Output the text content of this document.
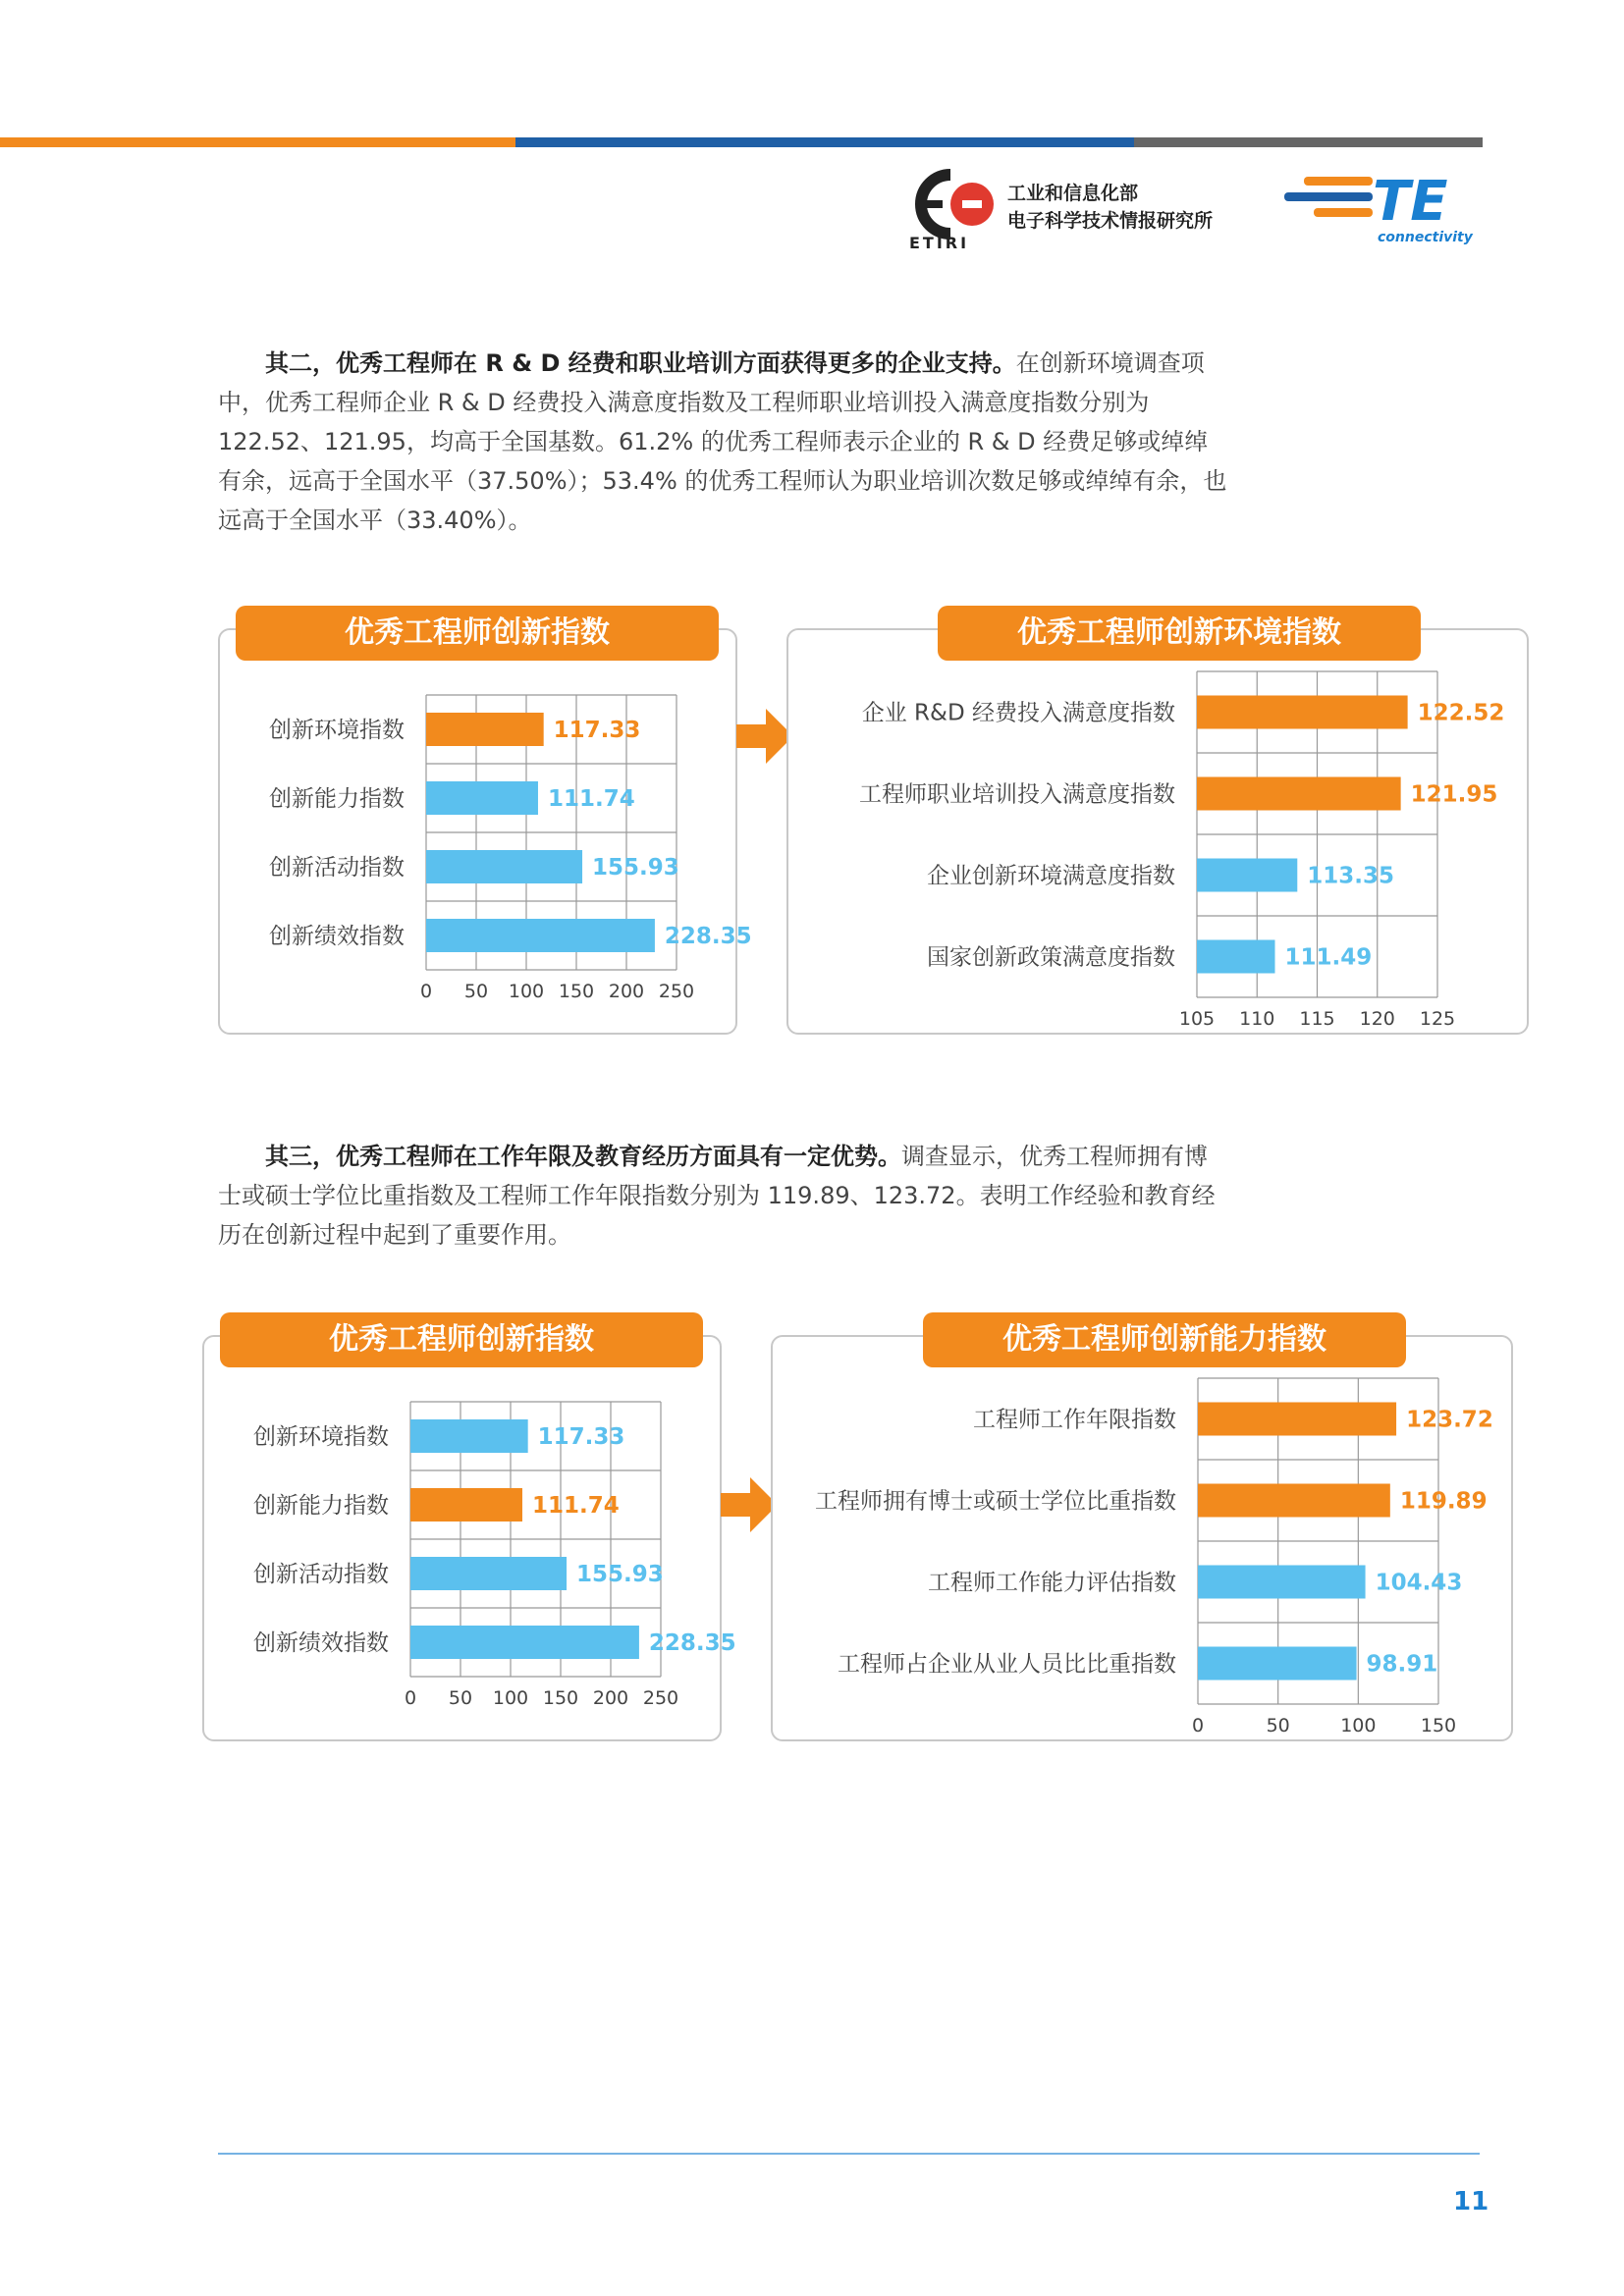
ETIRI
工业和信息化部
电子科学技术情报研究所	TE
connectivity
其二，优秀工程师在 R & D 经费和职业培训方面获得更多的企业支持。在创新环境调查项中，优秀工程师企业 R & D 经费投入满意度指数及工程师职业培训投入满意度指数分别为 122.52、121.95，均高于全国基数。61.2% 的优秀工程师表示企业的 R & D 经费足够或绰绰有余，远高于全国水平（37.50%）；53.4% 的优秀工程师认为职业培训次数足够或绰绰有余，也远高于全国水平（33.40%）。
优秀工程师创新指数
0 50 100 150 200 250
创新环境指数	117.33
创新能力指数	111.74
创新活动指数	155.93
创新绩效指数	228.35
优秀工程师创新环境指数
105 110 115 120 125
企业 R&D 经费投入满意度指数	122.52
工程师职业培训投入满意度指数	121.95
企业创新环境满意度指数	113.35
国家创新政策满意度指数	111.49
其三，优秀工程师在工作年限及教育经历方面具有一定优势。调查显示，优秀工程师拥有博士或硕士学位比重指数及工程师工作年限指数分别为 119.89、123.72。表明工作经验和教育经历在创新过程中起到了重要作用。
优秀工程师创新指数
0 50 100 150 200 250
创新环境指数	117.33
创新能力指数	111.74
创新活动指数	155.93
创新绩效指数	228.35
优秀工程师创新能力指数
0	50	100 150
工程师工作年限指数	123.72
工程师拥有博士或硕士学位比重指数	119.89
工程师工作能力评估指数	104.43
工程师占企业从业人员比比重指数	98.91
11
